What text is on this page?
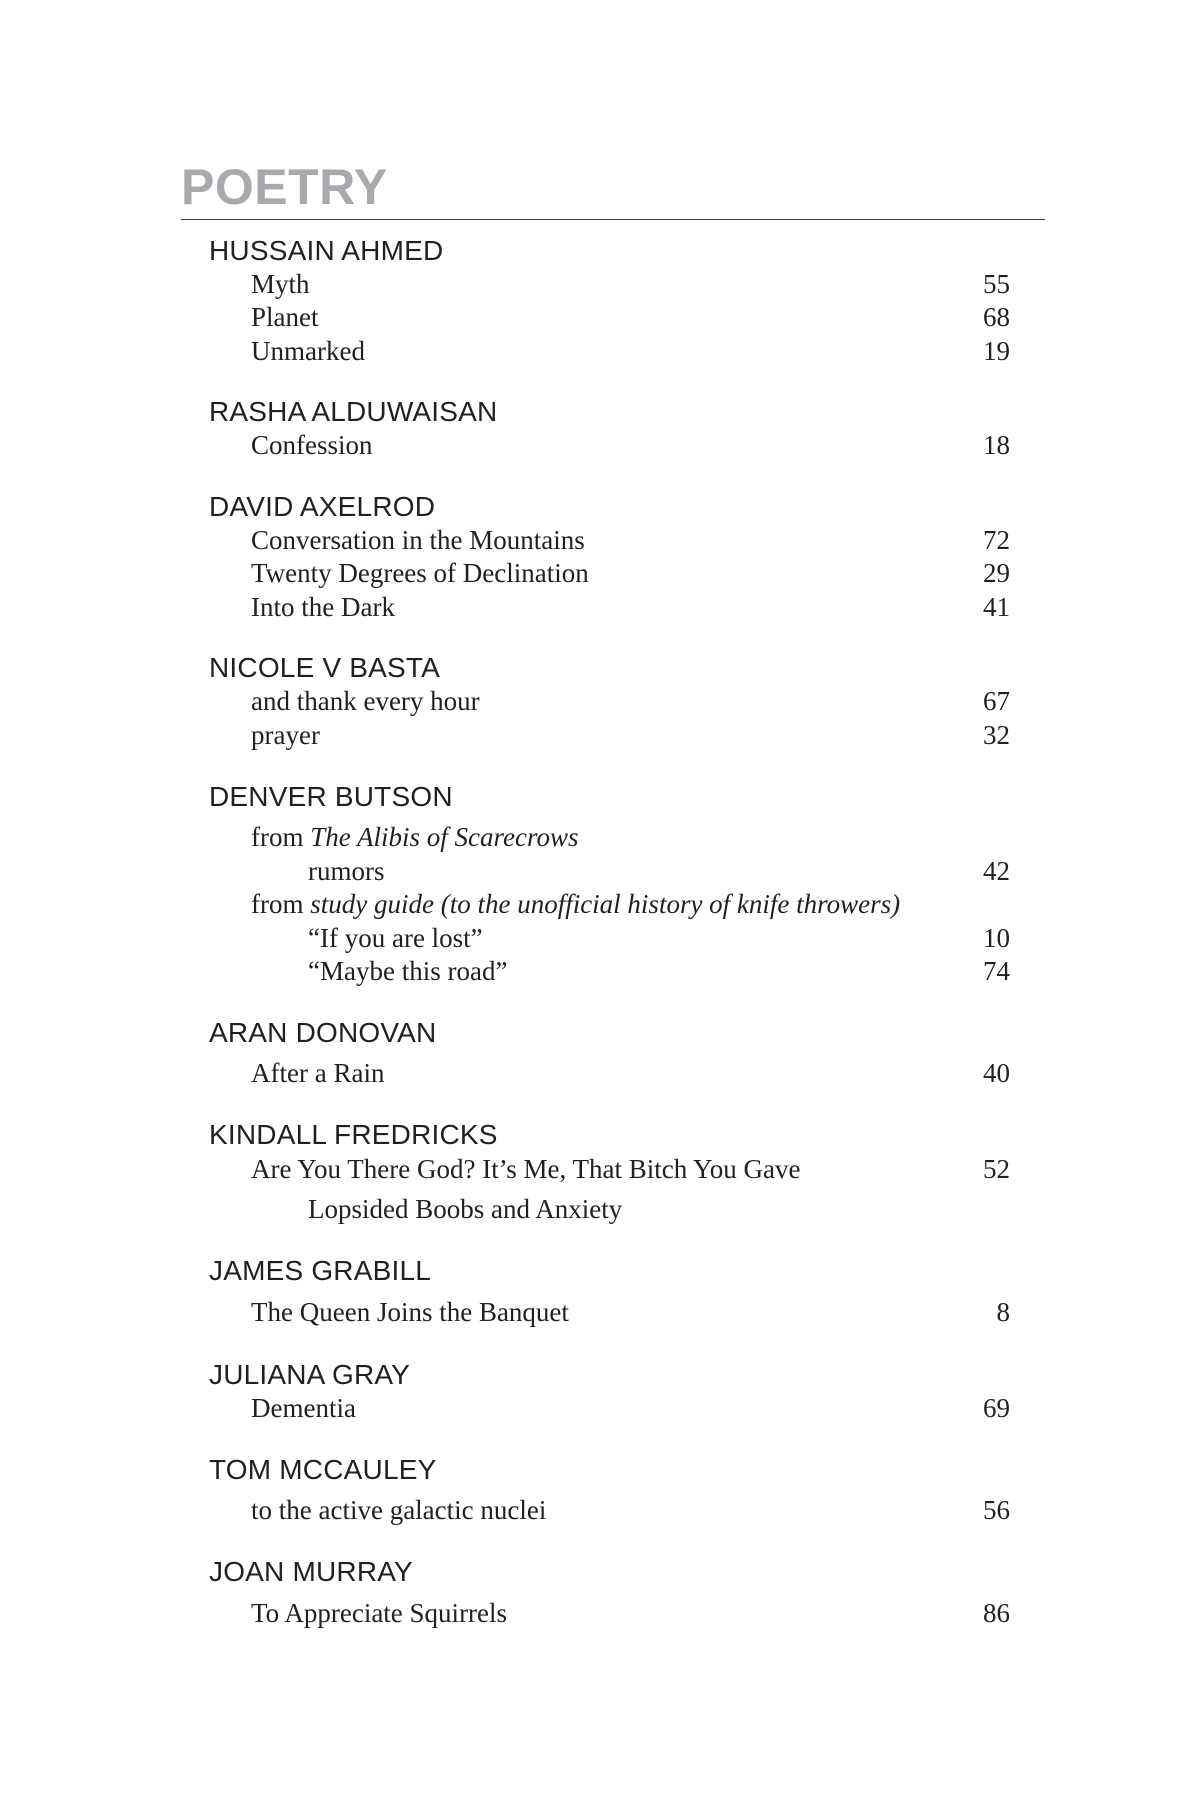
POETRY
HUSSAIN AHMED
Myth	55
Planet	68
Unmarked	19
RASHA ALDUWAISAN
Confession	18
DAVID AXELROD
Conversation in the Mountains	72
Twenty Degrees of Declination	29
Into the Dark	41
NICOLE V BASTA
and thank every hour	67
prayer	32
DENVER BUTSON
from The Alibis of Scarecrows
rumors	42
from study guide (to the unofficial history of knife throwers)
“If you are lost”	10
“Maybe this road”	74
ARAN DONOVAN
After a Rain	40
KINDALL FREDRICKS
Are You There God? It’s Me, That Bitch You Gave	52
Lopsided Boobs and Anxiety
JAMES GRABILL
The Queen Joins the Banquet	8
JULIANA GRAY
Dementia	69
TOM MCCAULEY
to the active galactic nuclei	56
JOAN MURRAY
To Appreciate Squirrels	86
